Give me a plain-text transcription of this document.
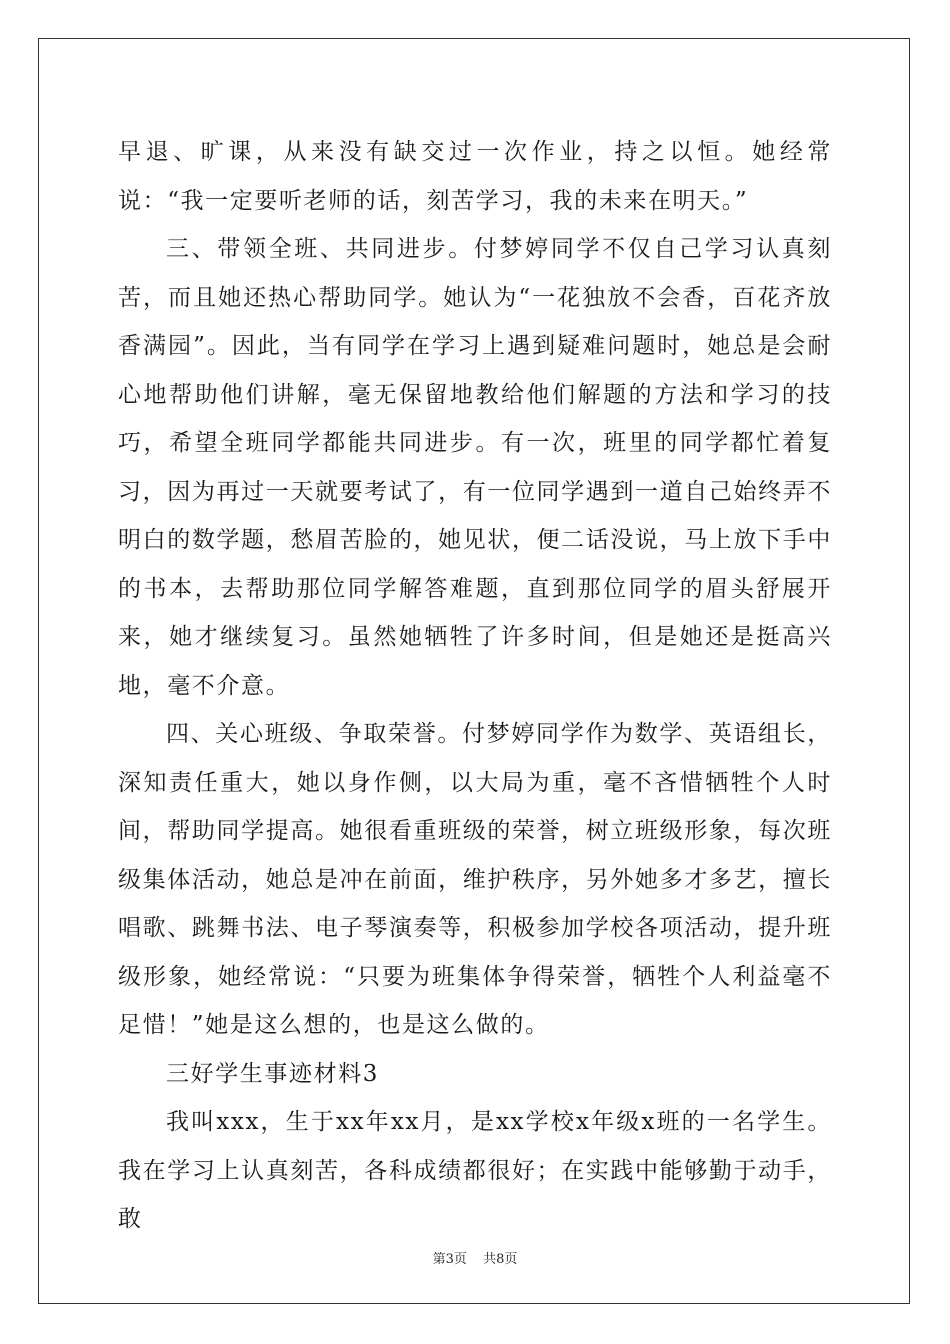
早退、旷课，从来没有缺交过一次作业，持之以恒。她经常说：“我一定要听老师的话，刻苦学习，我的未来在明天。”

三、带领全班、共同进步。付梦婷同学不仅自己学习认真刻苦，而且她还热心帮助同学。她认为“一花独放不会香，百花齐放香满园”。因此，当有同学在学习上遇到疑难问题时，她总是会耐心地帮助他们讲解，毫无保留地教给他们解题的方法和学习的技巧，希望全班同学都能共同进步。有一次，班里的同学都忙着复习，因为再过一天就要考试了，有一位同学遇到一道自己始终弄不明白的数学题，愁眉苦脸的，她见状，便二话没说，马上放下手中的书本，去帮助那位同学解答难题，直到那位同学的眉头舒展开来，她才继续复习。虽然她牺牲了许多时间，但是她还是挺高兴地，毫不介意。

四、关心班级、争取荣誉。付梦婷同学作为数学、英语组长，深知责任重大，她以身作侧，以大局为重，毫不吝惜牺牲个人时间，帮助同学提高。她很看重班级的荣誉，树立班级形象，每次班级集体活动，她总是冲在前面，维护秩序，另外她多才多艺，擅长唱歌、跳舞书法、电子琴演奏等，积极参加学校各项活动，提升班级形象，她经常说：“只要为班集体争得荣誉，牺牲个人利益毫不足惜！”她是这么想的，也是这么做的。

三好学生事迹材料3

我叫xxx，生于xx年xx月，是xx学校x年级x班的一名学生。我在学习上认真刻苦，各科成绩都很好；在实践中能够勤于动手，敢

第3页 共8页
